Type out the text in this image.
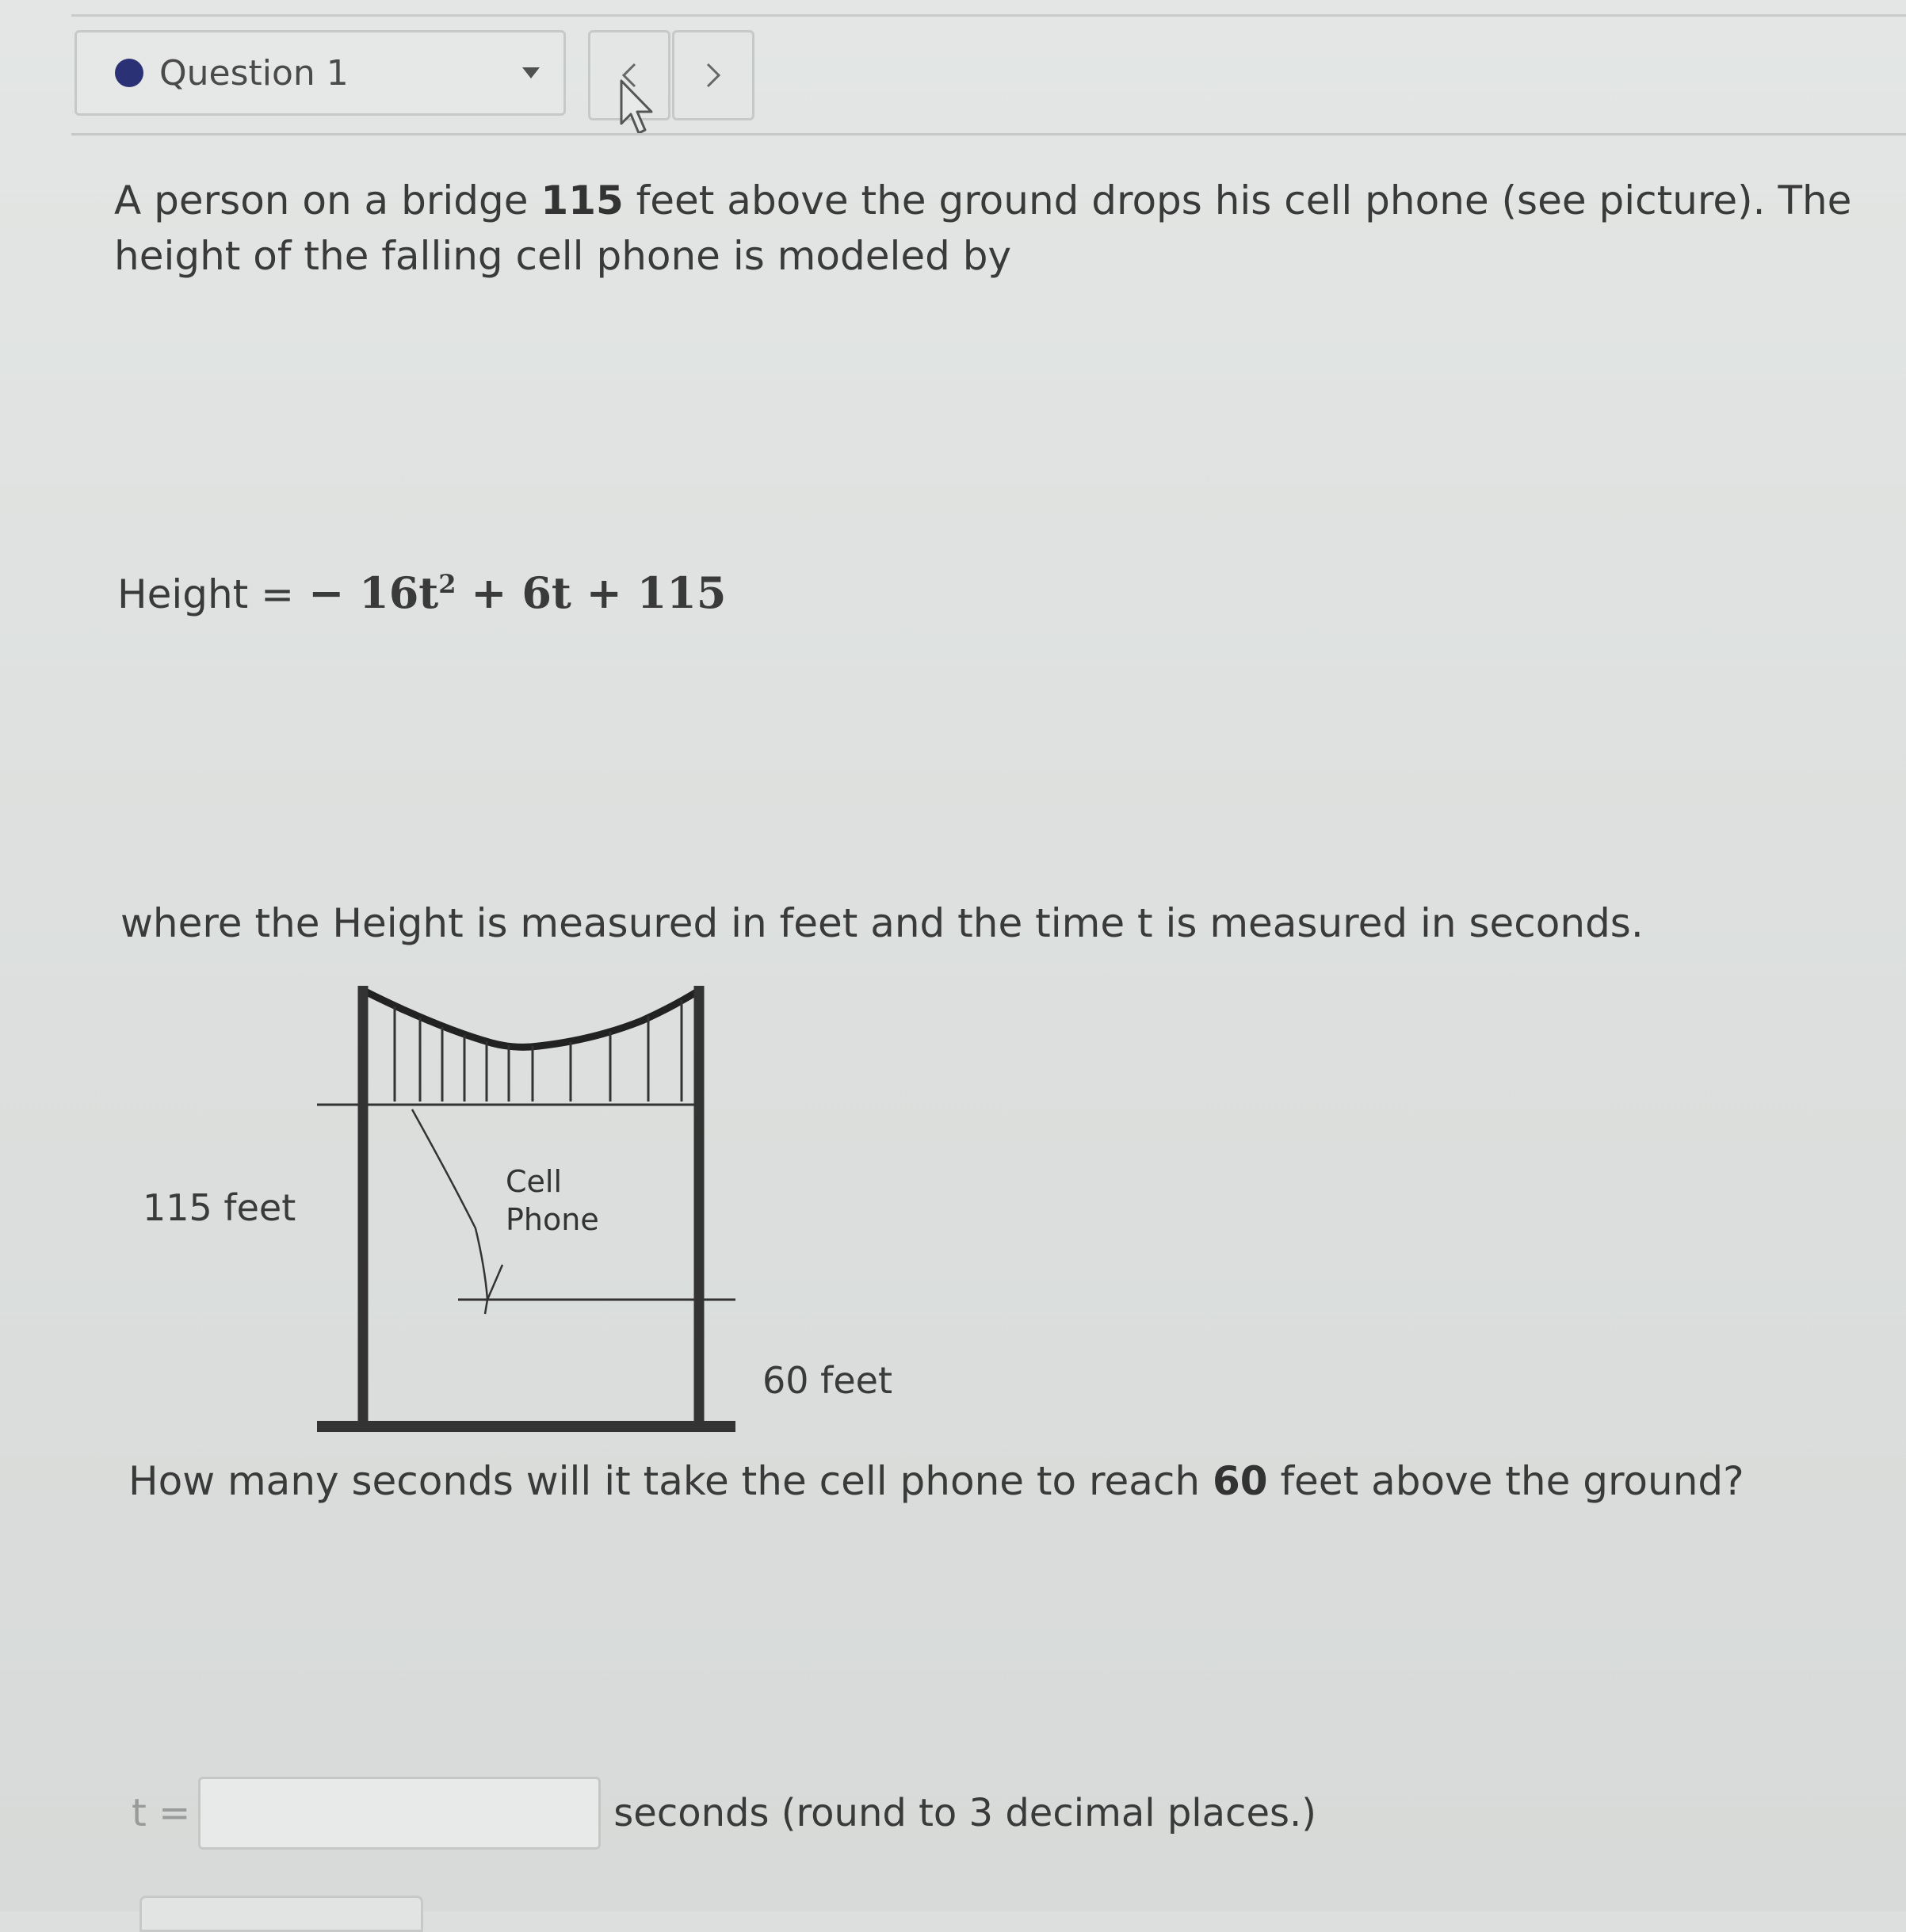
Question 1
A person on a bridge 115 feet above the ground drops his cell phone (see picture). The height of the falling cell phone is modeled by
Height = − $16t^2 + 6t + 115$
where the Height is measured in feet and the time t is measured in seconds.
115 feet
Cell
Phone
60 feet
How many seconds will it take the cell phone to reach 60 feet above the ground?
t =	seconds (round to 3 decimal places.)
